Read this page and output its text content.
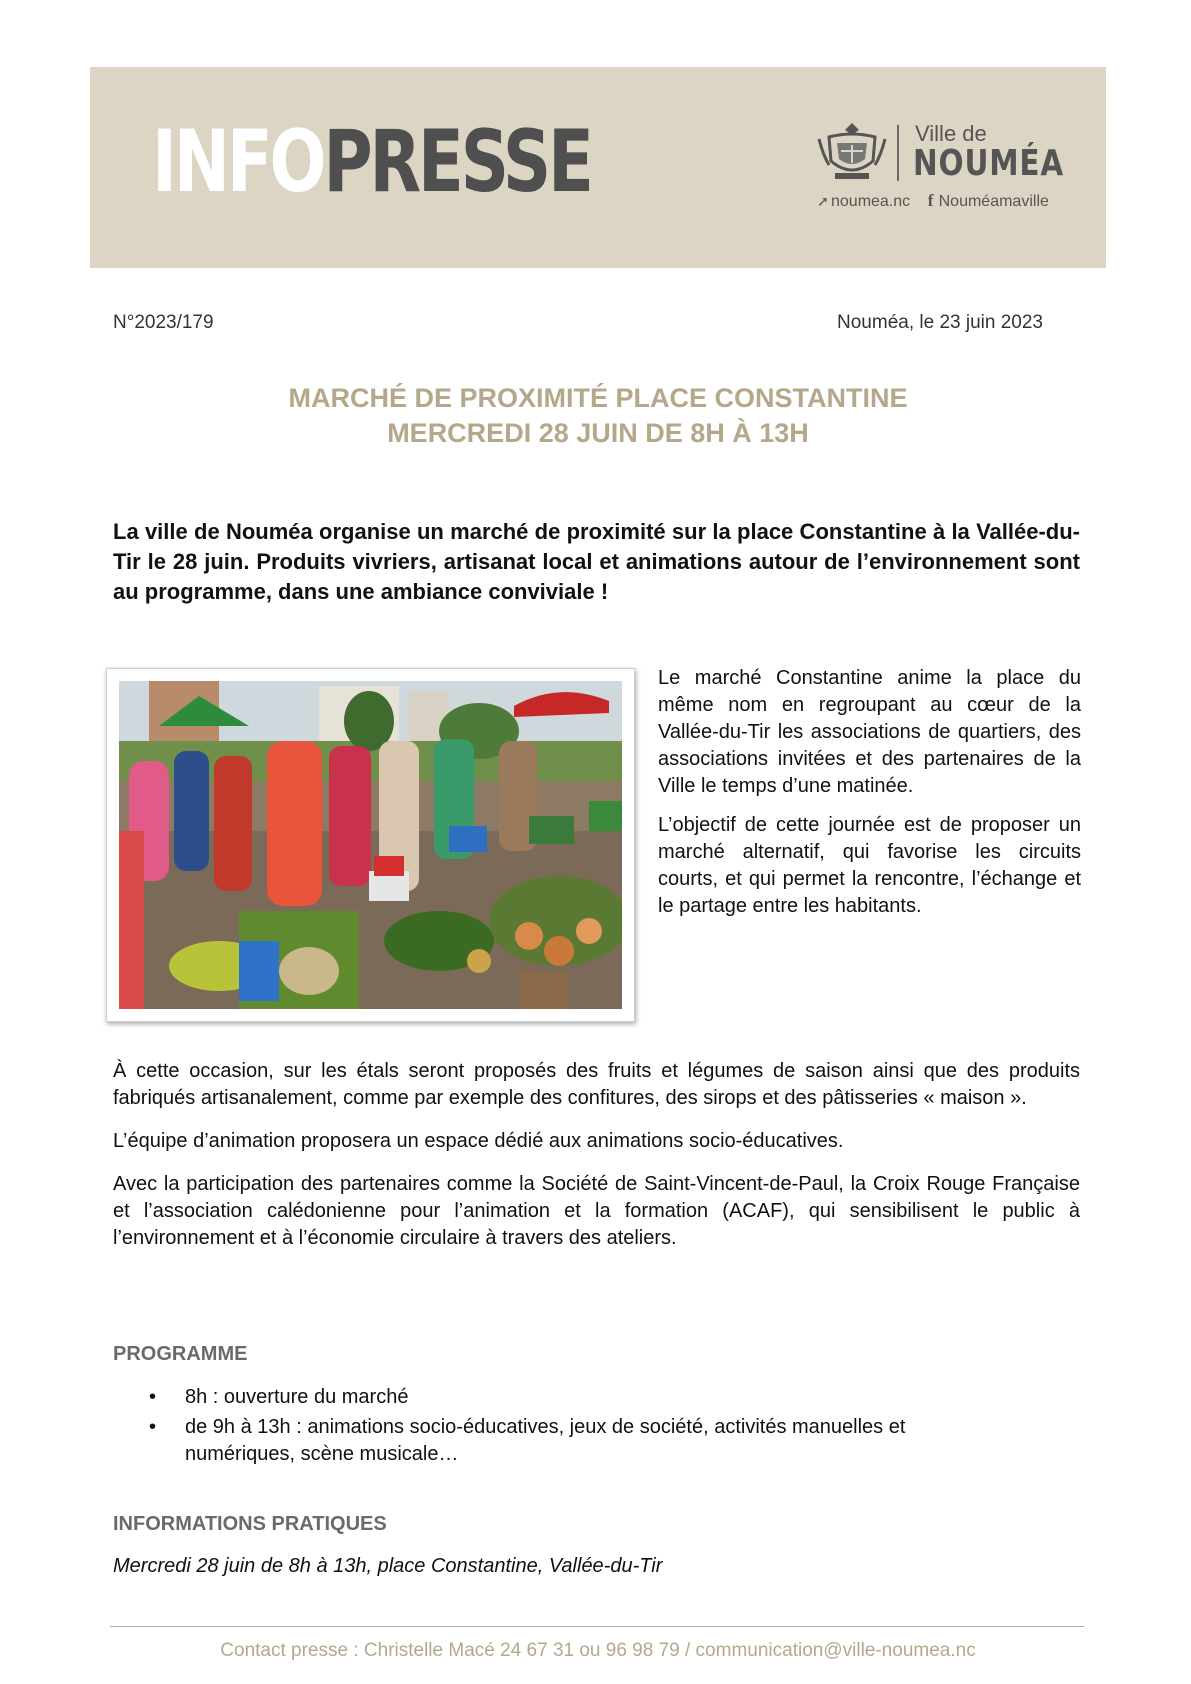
INFOPRESSE	Ville de
NOUMÉA
➚ noumea.nc f Nouméamaville
N°2023/179	Nouméa, le 23 juin 2023
MARCHÉ DE PROXIMITÉ PLACE CONSTANTINE
MERCREDI 28 JUIN DE 8H À 13H

La ville de Nouméa organise un marché de proximité sur la place Constantine à la Vallée-du-Tir le 28 juin. Produits vivriers, artisanat local et animations autour de l’environnement sont au programme, dans une ambiance conviviale !

Le marché Constantine anime la place du même nom en regroupant au cœur de la Vallée-du-Tir les associations de quartiers, des associations invitées et des partenaires de la Ville le temps d’une matinée.

L’objectif de cette journée est de proposer un marché alternatif, qui favorise les circuits courts, et qui permet la rencontre, l’échange et le partage entre les habitants.

À cette occasion, sur les étals seront proposés des fruits et légumes de saison ainsi que des produits fabriqués artisanalement, comme par exemple des confitures, des sirops et des pâtisseries « maison ».

L’équipe d’animation proposera un espace dédié aux animations socio-éducatives.

Avec la participation des partenaires comme la Société de Saint-Vincent-de-Paul, la Croix Rouge Française et l’association calédonienne pour l’animation et la formation (ACAF), qui sensibilisent le public à l’environnement et à l’économie circulaire à travers des ateliers.

PROGRAMME
• 8h : ouverture du marché
• de 9h à 13h : animations socio-éducatives, jeux de société, activités manuelles et numériques, scène musicale…
INFORMATIONS PRATIQUES
Mercredi 28 juin de 8h à 13h, place Constantine, Vallée-du-Tir
Contact presse : Christelle Macé 24 67 31 ou 96 98 79 / communication@ville-noumea.nc
